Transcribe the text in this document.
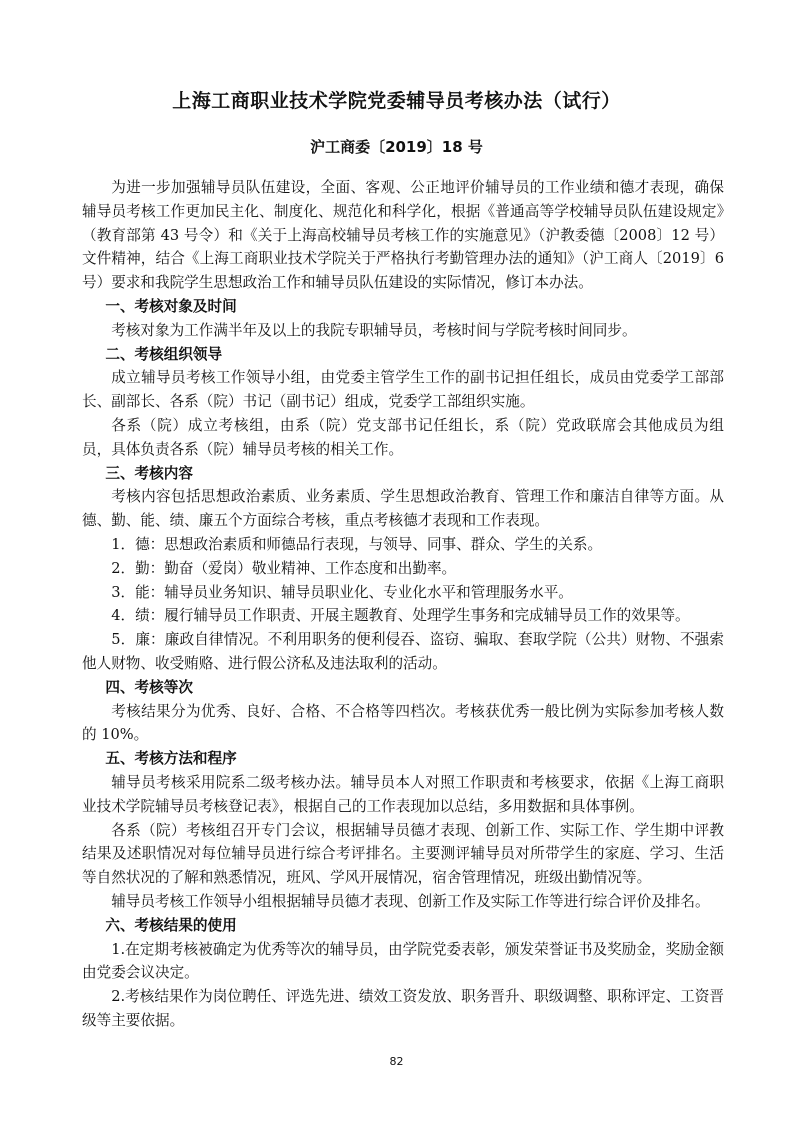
上海工商职业技术学院党委辅导员考核办法（试行）
沪工商委〔2019〕18 号

为进一步加强辅导员队伍建设，全面、客观、公正地评价辅导员的工作业绩和德才表现，确保辅导员考核工作更加民主化、制度化、规范化和科学化，根据《普通高等学校辅导员队伍建设规定》（教育部第 43 号令）和《关于上海高校辅导员考核工作的实施意见》（沪教委德〔2008〕12 号）文件精神，结合《上海工商职业技术学院关于严格执行考勤管理办法的通知》（沪工商人〔2019〕6 号）要求和我院学生思想政治工作和辅导员队伍建设的实际情况，修订本办法。

一、考核对象及时间

考核对象为工作满半年及以上的我院专职辅导员，考核时间与学院考核时间同步。

二、考核组织领导

成立辅导员考核工作领导小组，由党委主管学生工作的副书记担任组长，成员由党委学工部部长、副部长、各系（院）书记（副书记）组成，党委学工部组织实施。

各系（院）成立考核组，由系（院）党支部书记任组长，系（院）党政联席会其他成员为组员，具体负责各系（院）辅导员考核的相关工作。

三、考核内容

考核内容包括思想政治素质、业务素质、学生思想政治教育、管理工作和廉洁自律等方面。从德、勤、能、绩、廉五个方面综合考核，重点考核德才表现和工作表现。

1．德：思想政治素质和师德品行表现，与领导、同事、群众、学生的关系。

2．勤：勤奋（爱岗）敬业精神、工作态度和出勤率。

3．能：辅导员业务知识、辅导员职业化、专业化水平和管理服务水平。

4．绩：履行辅导员工作职责、开展主题教育、处理学生事务和完成辅导员工作的效果等。

5．廉：廉政自律情况。不利用职务的便利侵吞、盗窃、骗取、套取学院（公共）财物、不强索他人财物、收受贿赂、进行假公济私及违法取利的活动。

四、考核等次

考核结果分为优秀、良好、合格、不合格等四档次。考核获优秀一般比例为实际参加考核人数的 10%。

五、考核方法和程序

辅导员考核采用院系二级考核办法。辅导员本人对照工作职责和考核要求，依据《上海工商职业技术学院辅导员考核登记表》，根据自己的工作表现加以总结，多用数据和具体事例。

各系（院）考核组召开专门会议，根据辅导员德才表现、创新工作、实际工作、学生期中评教结果及述职情况对每位辅导员进行综合考评排名。主要测评辅导员对所带学生的家庭、学习、生活等自然状况的了解和熟悉情况，班风、学风开展情况，宿舍管理情况，班级出勤情况等。

辅导员考核工作领导小组根据辅导员德才表现、创新工作及实际工作等进行综合评价及排名。

六、考核结果的使用

1.在定期考核被确定为优秀等次的辅导员，由学院党委表彰，颁发荣誉证书及奖励金，奖励金额由党委会议决定。

2.考核结果作为岗位聘任、评选先进、绩效工资发放、职务晋升、职级调整、职称评定、工资晋级等主要依据。

82
